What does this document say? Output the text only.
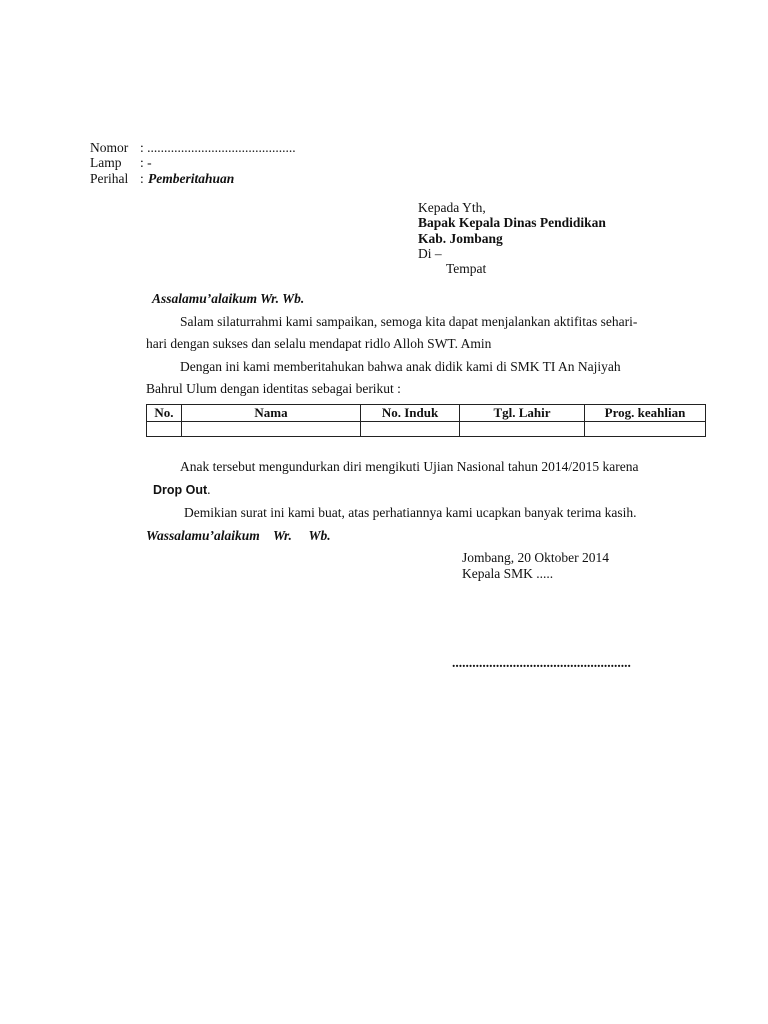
Nomor : ............................................
Lamp : -
Perihal : Pemberitahuan
Kepada Yth,
Bapak Kepala Dinas Pendidikan
Kab. Jombang
Di –
Tempat
Assalamu’alaikum Wr. Wb.
Salam silaturrahmi kami sampaikan, semoga kita dapat menjalankan aktifitas sehari-
hari dengan sukses dan selalu mendapat ridlo Alloh SWT. Amin
Dengan ini kami memberitahukan bahwa anak didik kami di SMK TI An Najiyah
Bahrul Ulum dengan identitas sebagai berikut :
No.	Nama	No. Induk	Tgl. Lahir	Prog. keahlian

Anak tersebut mengundurkan diri mengikuti Ujian Nasional tahun 2014/2015 karena
Drop Out.
Demikian surat ini kami buat, atas perhatiannya kami ucapkan banyak terima kasih.
Wassalamu’alaikum    Wr.     Wb.
Jombang, 20 Oktober 2014
Kepala SMK .....
.....................................................
